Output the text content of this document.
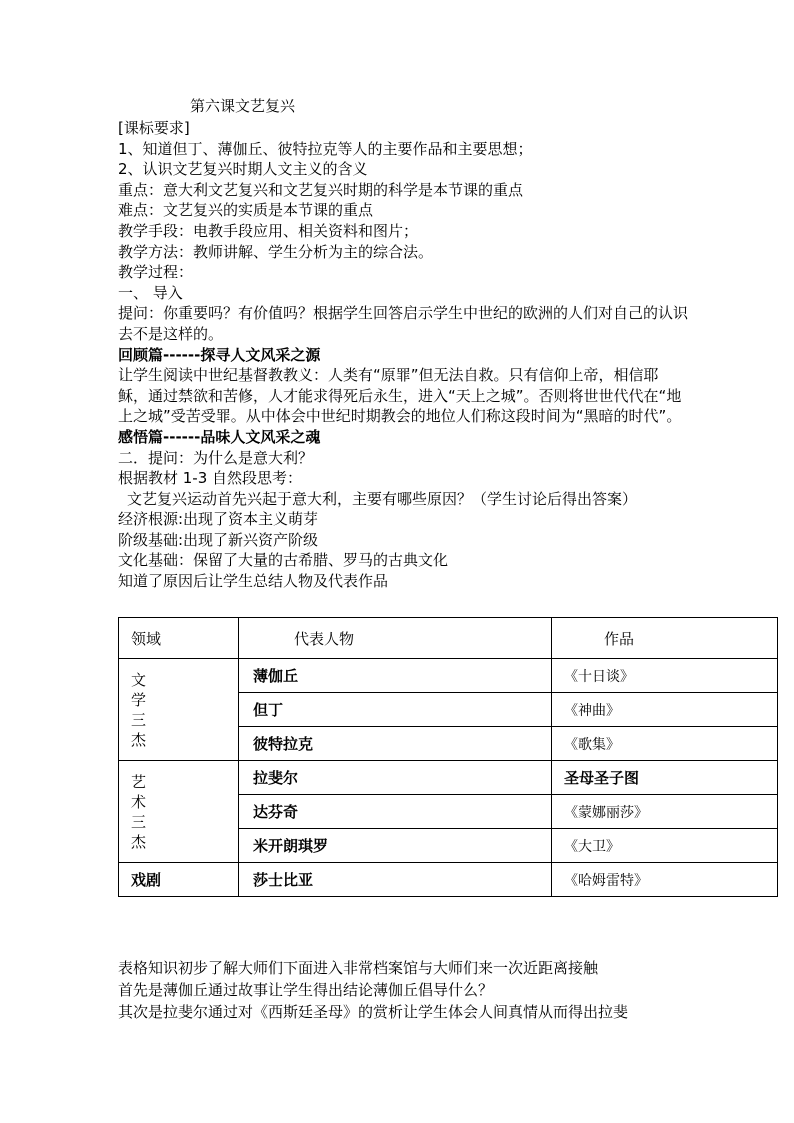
第六课文艺复兴

[课标要求]

1、知道但丁、薄伽丘、彼特拉克等人的主要作品和主要思想；

2、认识文艺复兴时期人文主义的含义

重点：意大利文艺复兴和文艺复兴时期的科学是本节课的重点

难点：文艺复兴的实质是本节课的重点

教学手段：电教手段应用、相关资料和图片；

教学方法：教师讲解、学生分析为主的综合法。

教学过程：

一、 导入

提问：你重要吗？有价值吗？根据学生回答启示学生中世纪的欧洲的人们对自己的认识去不是这样的。

回顾篇------探寻人文风采之源

让学生阅读中世纪基督教教义：人类有“原罪”但无法自救。只有信仰上帝，相信耶稣，通过禁欲和苦修，人才能求得死后永生，进入“天上之城”。否则将世世代代在“地上之城”受苦受罪。从中体会中世纪时期教会的地位人们称这段时间为“黑暗的时代”。

感悟篇------品味人文风采之魂

二．提问：为什么是意大利？

根据教材 1-3 自然段思考：

文艺复兴运动首先兴起于意大利，主要有哪些原因？（学生讨论后得出答案）

经济根源:出现了资本主义萌芽

阶级基础:出现了新兴资产阶级

文化基础：保留了大量的古希腊、罗马的古典文化

知道了原因后让学生总结人物及代表作品

领域	代表人物	作品
文学三杰	薄伽丘	《十日谈》
	但丁	《神曲》
	彼特拉克	《歌集》
艺术三杰	拉斐尔	圣母圣子图
	达芬奇	《蒙娜丽莎》
	米开朗琪罗	《大卫》
戏剧	莎士比亚	《哈姆雷特》

表格知识初步了解大师们下面进入非常档案馆与大师们来一次近距离接触

首先是薄伽丘通过故事让学生得出结论薄伽丘倡导什么？

其次是拉斐尔通过对《西斯廷圣母》的赏析让学生体会人间真情从而得出拉斐
